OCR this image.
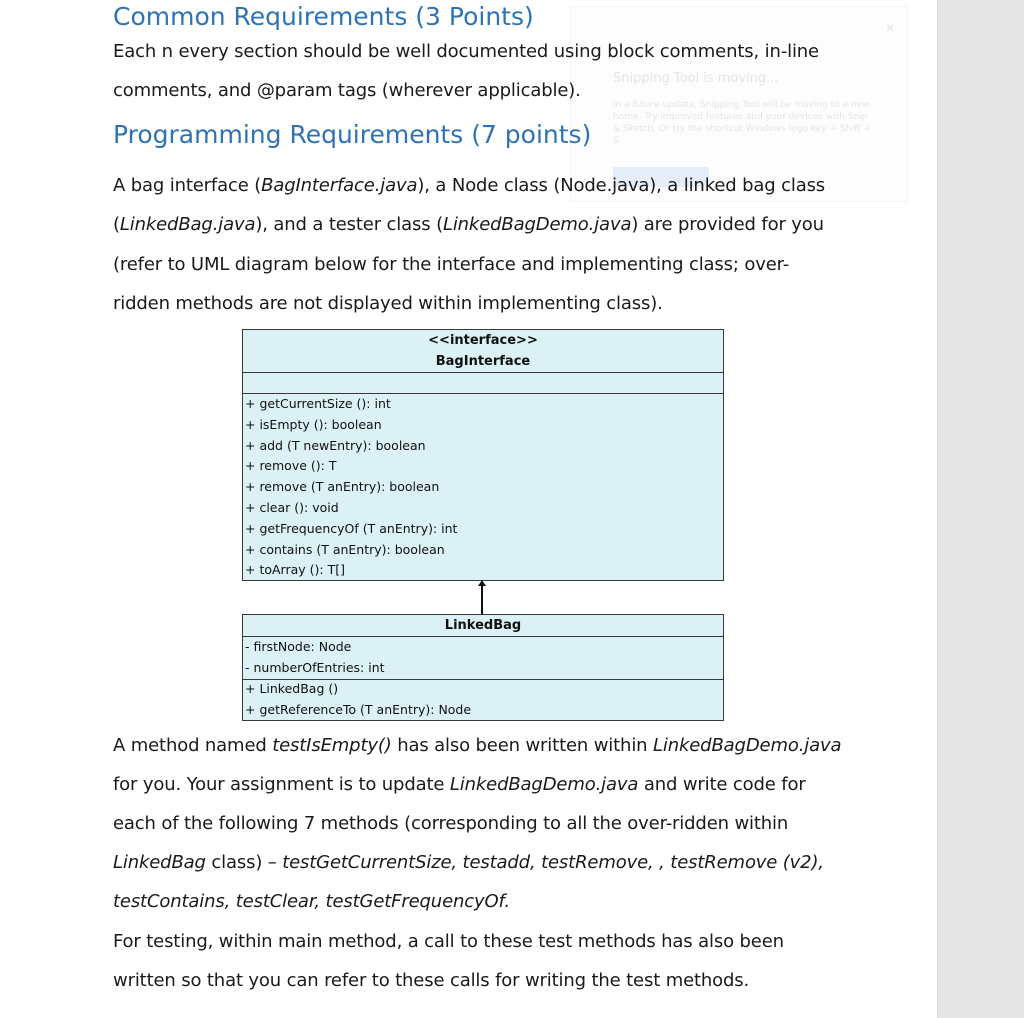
✕
Snipping Tool is moving...
In a future update, Snipping Tool will be moving to a new home. Try improved features and your devices with Snip & Sketch. Or try the shortcut Windows logo key + Shift + S.
Common Requirements (3 Points)

Each n every section should be well documented using block comments, in-line

comments, and @param tags (wherever applicable).

Programming Requirements (7 points)

A bag interface (BagInterface.java), a Node class (Node.java), a linked bag class

(LinkedBag.java), and a tester class (LinkedBagDemo.java) are provided for you

(refer to UML diagram below for the interface and implementing class; over-

ridden methods are not displayed within implementing class).

<<interface>>
BagInterface
+ getCurrentSize (): int
+ isEmpty (): boolean
+ add (T newEntry): boolean
+ remove (): T
+ remove (T anEntry): boolean
+ clear (): void
+ getFrequencyOf (T anEntry): int
+ contains (T anEntry): boolean
+ toArray (): T[]
LinkedBag
- firstNode: Node
- numberOfEntries: int
+ LinkedBag ()
+ getReferenceTo (T anEntry): Node

A method named testIsEmpty() has also been written within LinkedBagDemo.java

for you. Your assignment is to update LinkedBagDemo.java and write code for

each of the following 7 methods (corresponding to all the over-ridden within

LinkedBag class) – testGetCurrentSize, testadd, testRemove, , testRemove (v2),

testContains, testClear, testGetFrequencyOf.

For testing, within main method, a call to these test methods has also been

written so that you can refer to these calls for writing the test methods.
